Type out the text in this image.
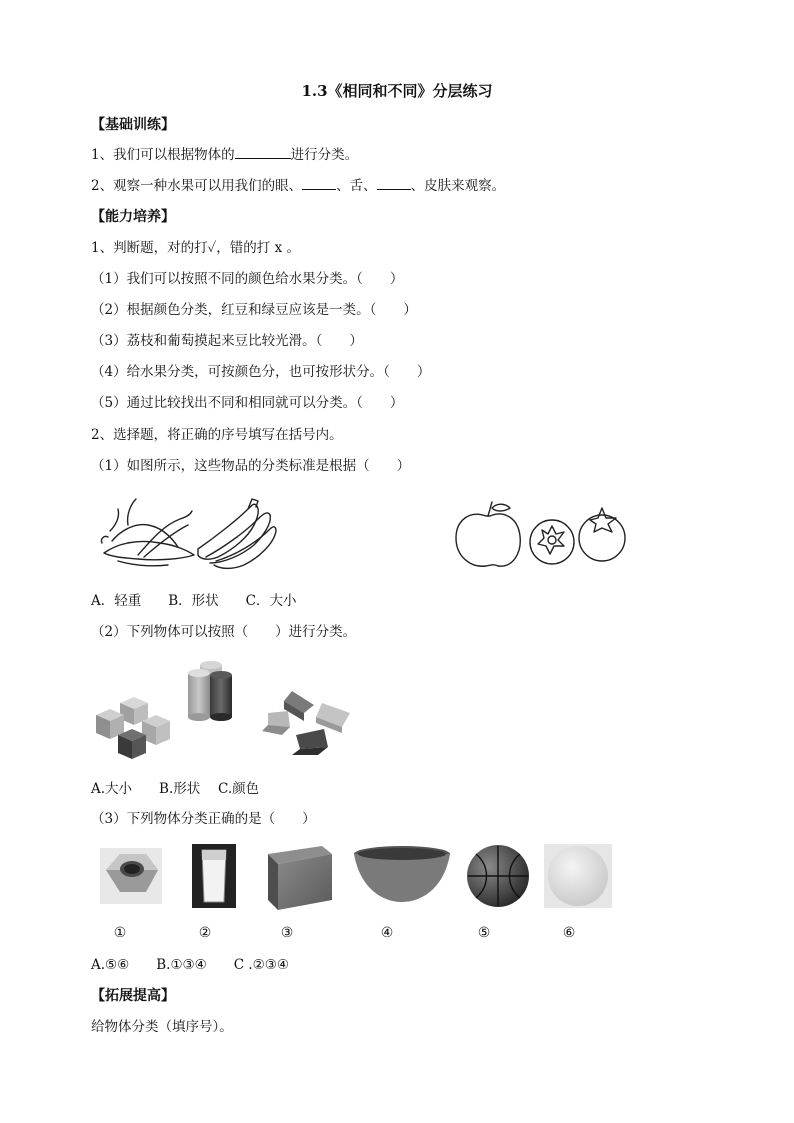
1.3《相同和不同》分层练习
【基础训练】
1、我们可以根据物体的	进行分类。
2、观察一种水果可以用我们的眼、	、舌、	、皮肤来观察。
【能力培养】
1、判断题，对的打✓，错的打 x 。
（1）我们可以按照不同的颜色给水果分类。（　　）
（2）根据颜色分类，红豆和绿豆应该是一类。（　　）
（3）荔枝和葡萄摸起来豆比较光滑。（　　）
（4）给水果分类，可按颜色分，也可按形状分。（　　）
（5）通过比较找出不同和相同就可以分类。（　　）
2、选择题，将正确的序号填写在括号内。
（1）如图所示，这些物品的分类标准是根据（　　）
A．轻重　　B．形状　　C．大小
（2）下列物体可以按照（　　）进行分类。
A.大小　　B.形状　 C.颜色
（3）下列物体分类正确的是（　　）
①	②	③	④	⑤	⑥
A.⑤⑥　　B.①③④　　C .②③④
【拓展提高】
给物体分类（填序号）。
